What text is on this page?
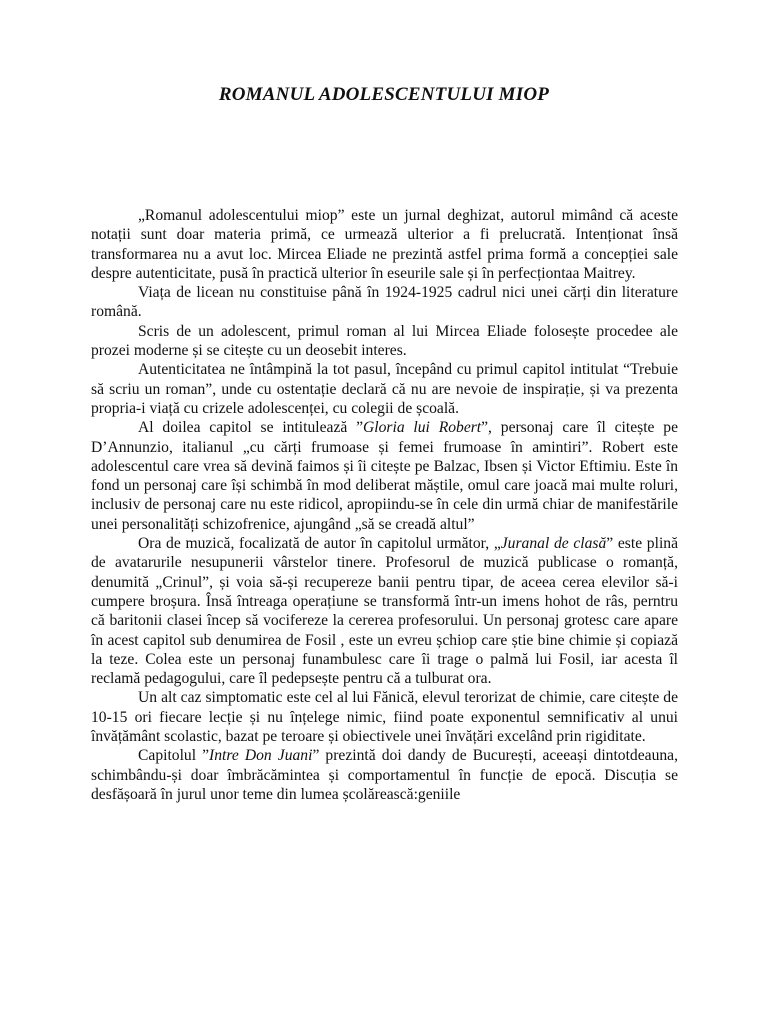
ROMANUL ADOLESCENTULUI MIOP

„Romanul adolescentului miop” este un jurnal deghizat, autorul mimând că aceste notații sunt doar materia primă, ce urmează ulterior a fi prelucrată. Intenționat însă transformarea nu a avut loc. Mircea Eliade ne prezintă astfel prima formă a concepției sale despre autenticitate, pusă în practică ulterior în eseurile sale și în perfecționtaa Maitrey.

Viața de licean nu constituise până în 1924-1925 cadrul nici unei cărți din literature română.

Scris de un adolescent, primul roman al lui Mircea Eliade folosește procedee ale prozei moderne și se citește cu un deosebit interes.

Autenticitatea ne întâmpină la tot pasul, începând cu primul capitol intitulat “Trebuie să scriu un roman”, unde cu ostentație declară că nu are nevoie de inspirație, și va prezenta propria-i viață cu crizele adolescenței, cu colegii de școală.

Al doilea capitol se intitulează ”Gloria lui Robert”, personaj care îl citește pe D’Annunzio, italianul „cu cărți frumoase și femei frumoase în amintiri”. Robert este adolescentul care vrea să devină faimos și îi citește pe Balzac, Ibsen și Victor Eftimiu. Este în fond un personaj care își schimbă în mod deliberat măștile, omul care joacă mai multe roluri, inclusiv de personaj care nu este ridicol, apropiindu-se în cele din urmă chiar de manifestările unei personalități schizofrenice, ajungând „să se creadă altul”

Ora de muzică, focalizată de autor în capitolul următor, „Juranal de clasă” este plină de avatarurile nesupunerii vârstelor tinere. Profesorul de muzică publicase o romanță, denumită „Crinul”, și voia să-și recupereze banii pentru tipar, de aceea cerea elevilor să-i cumpere broșura. Însă întreaga operațiune se transformă într-un imens hohot de râs, perntru că baritonii clasei încep să vocifereze la cererea profesorului. Un personaj grotesc care apare în acest capitol sub denumirea de Fosil , este un evreu șchiop care știe bine chimie și copiază la teze. Colea este un personaj funambulesc care îi trage o palmă lui Fosil, iar acesta îl reclamă pedagogului, care îl pedepsește pentru că a tulburat ora.

Un alt caz simptomatic este cel al lui Fănică, elevul terorizat de chimie, care citește de 10-15 ori fiecare lecție și nu înțelege nimic, fiind poate exponentul semnificativ al unui învățământ scolastic, bazat pe teroare și obiectivele unei învățări excelând prin rigiditate.

Capitolul ”Intre Don Juani” prezintă doi dandy de București, aceeași dintotdeauna, schimbându-și doar îmbrăcămintea și comportamentul în funcție de epocă. Discuția se desfășoară în jurul unor teme din lumea școlărească:geniile
